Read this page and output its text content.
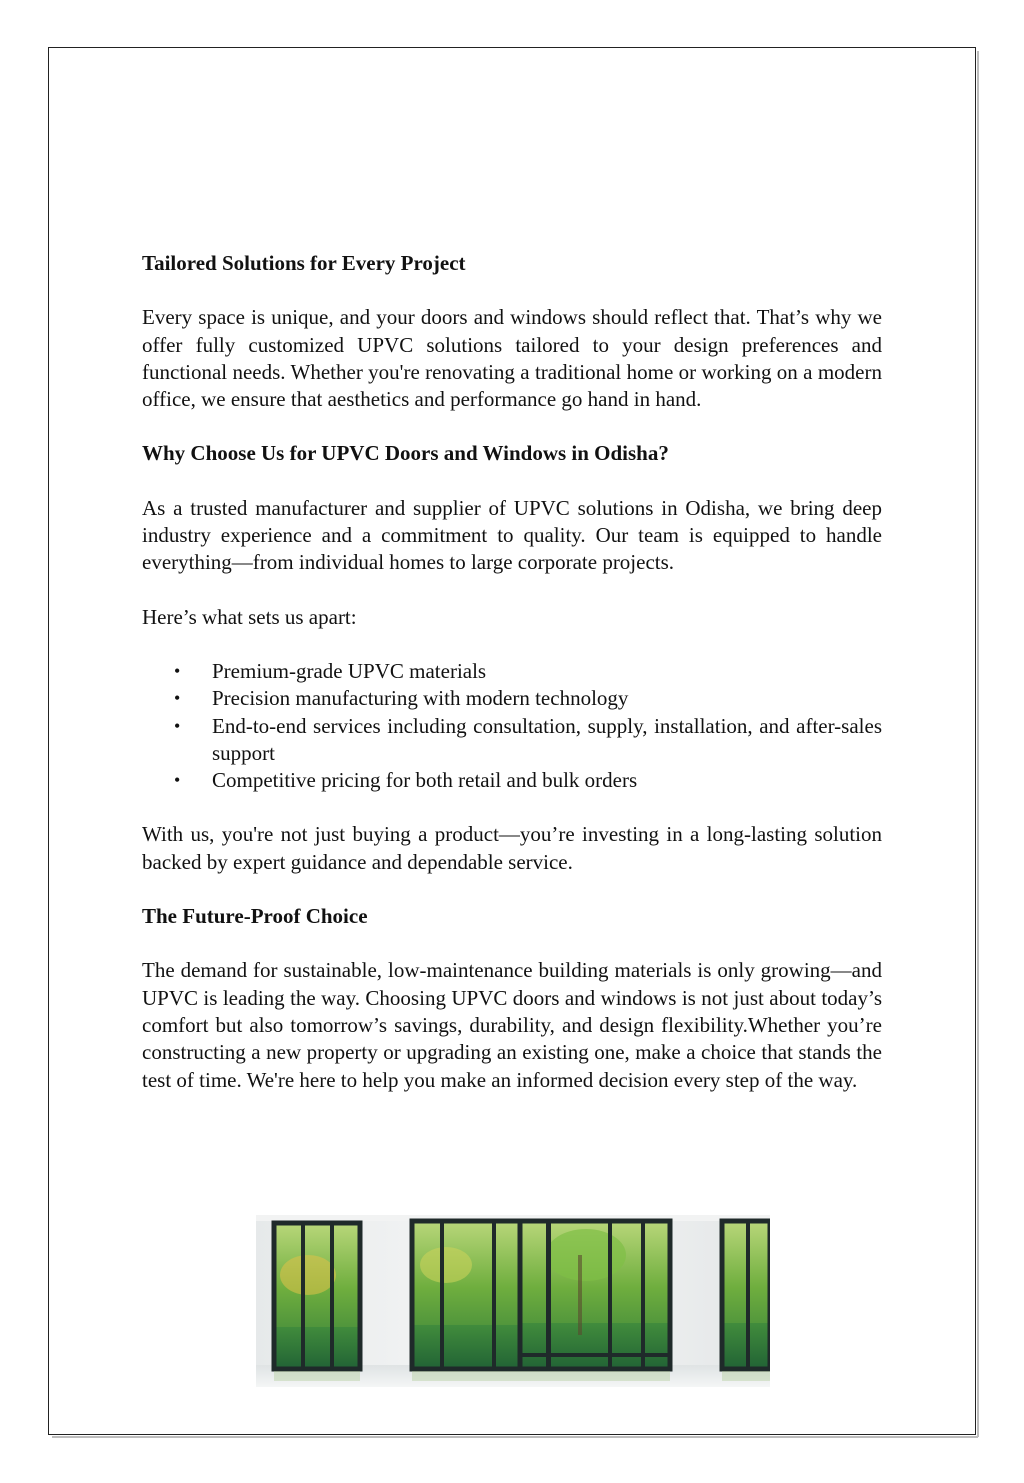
Tailored Solutions for Every Project

Every space is unique, and your doors and windows should reflect that. That’s why we offer fully customized UPVC solutions tailored to your design preferences and functional needs. Whether you're renovating a traditional home or working on a modern office, we ensure that aesthetics and performance go hand in hand.

Why Choose Us for UPVC Doors and Windows in Odisha?

As a trusted manufacturer and supplier of UPVC solutions in Odisha, we bring deep industry experience and a commitment to quality. Our team is equipped to handle everything—from individual homes to large corporate projects.

Here’s what sets us apart:

• Premium-grade UPVC materials
• Precision manufacturing with modern technology
• End-to-end services including consultation, supply, installation, and after-sales support
• Competitive pricing for both retail and bulk orders

With us, you're not just buying a product—you’re investing in a long-lasting solution backed by expert guidance and dependable service.

The Future-Proof Choice

The demand for sustainable, low-maintenance building materials is only growing—and UPVC is leading the way. Choosing UPVC doors and windows is not just about today’s comfort but also tomorrow’s savings, durability, and design flexibility.Whether you’re constructing a new property or upgrading an existing one, make a choice that stands the test of time. We're here to help you make an informed decision every step of the way.
